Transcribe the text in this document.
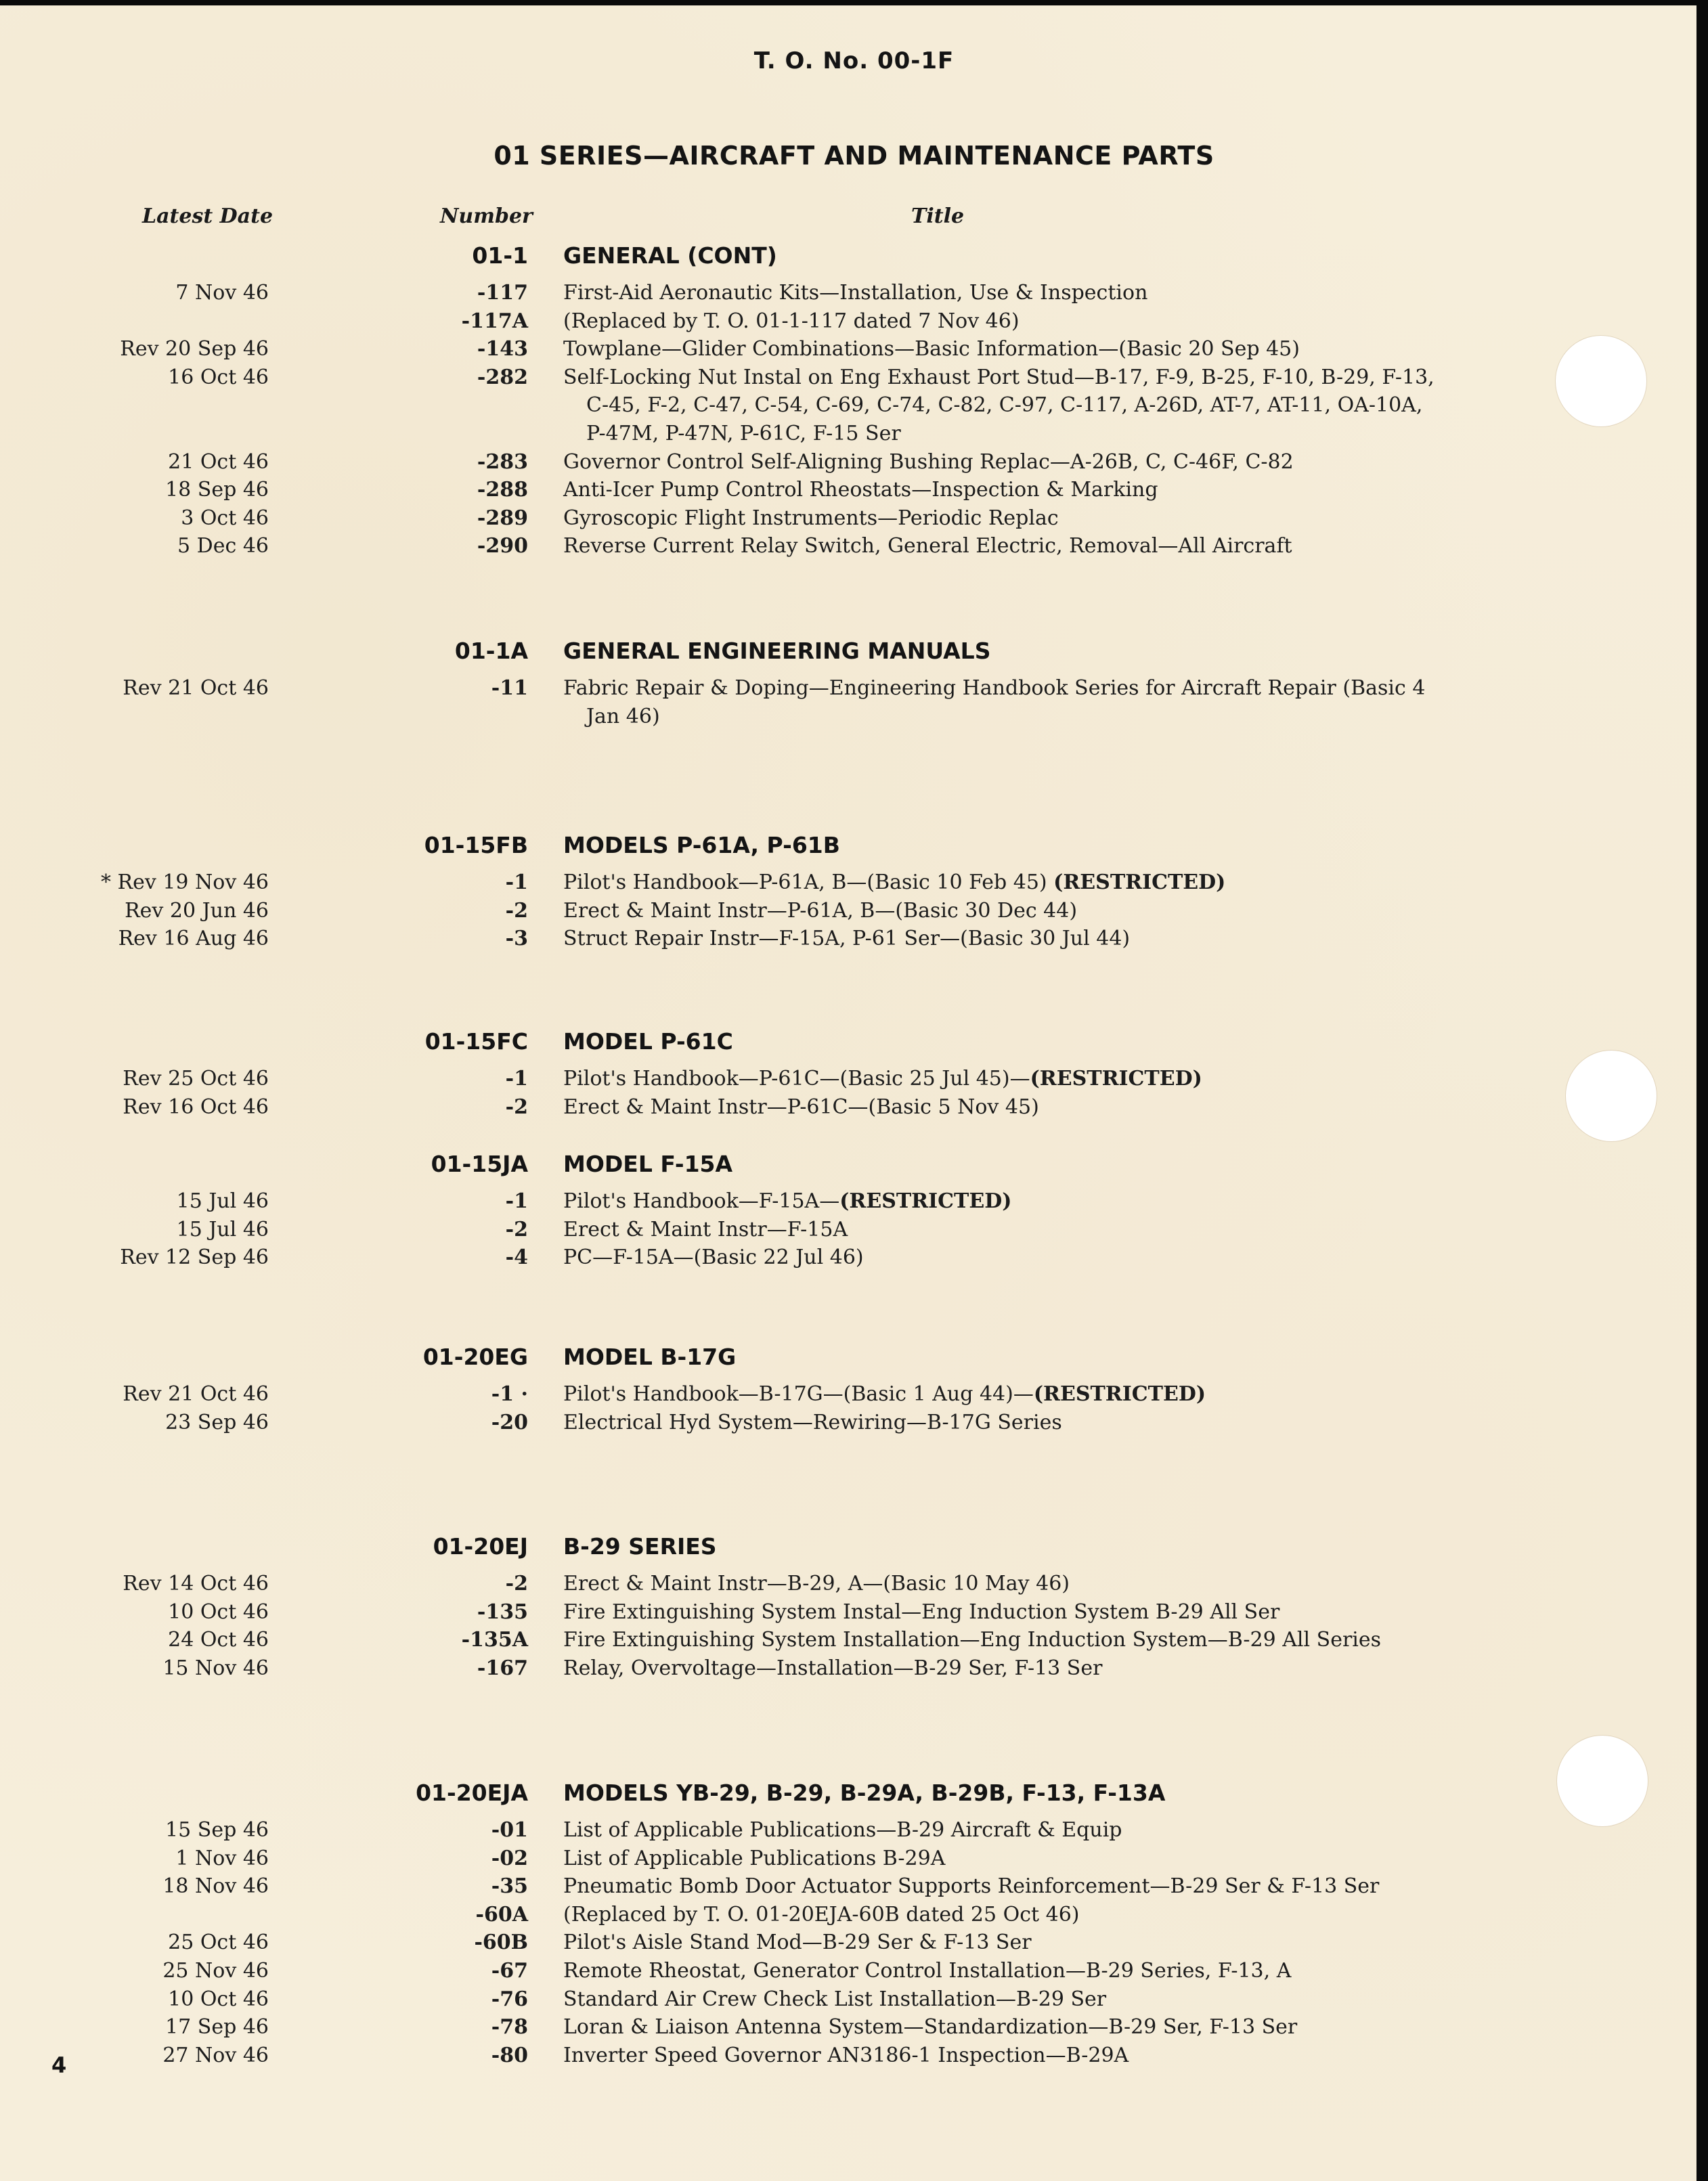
T. O. No. 00-1F
01 SERIES—AIRCRAFT AND MAINTENANCE PARTS
Latest Date	Number	Title
01-1 GENERAL (CONT)
7 Nov 46	-117 First-Aid Aeronautic Kits—Installation, Use & Inspection
-117A (Replaced by T. O. 01-1-117 dated 7 Nov 46)
Rev 20 Sep 46	-143 Towplane—Glider Combinations—Basic Information—(Basic 20 Sep 45)
16 Oct 46	-282 Self-Locking Nut Instal on Eng Exhaust Port Stud—B-17, F-9, B-25, F-10, B-29, F-13,
C-45, F-2, C-47, C-54, C-69, C-74, C-82, C-97, C-117, A-26D, AT-7, AT-11, OA-10A,
P-47M, P-47N, P-61C, F-15 Ser
21 Oct 46	-283 Governor Control Self-Aligning Bushing Replac—A-26B, C, C-46F, C-82
18 Sep 46	-288 Anti-Icer Pump Control Rheostats—Inspection & Marking
3 Oct 46	-289 Gyroscopic Flight Instruments—Periodic Replac
5 Dec 46	-290 Reverse Current Relay Switch, General Electric, Removal—All Aircraft
01-1A GENERAL ENGINEERING MANUALS
Rev 21 Oct 46	-11 Fabric Repair & Doping—Engineering Handbook Series for Aircraft Repair (Basic 4
Jan 46)
01-15FB MODELS P-61A, P-61B
* Rev 19 Nov 46	-1 Pilot's Handbook—P-61A, B—(Basic 10 Feb 45) (RESTRICTED)
Rev 20 Jun 46	-2 Erect & Maint Instr—P-61A, B—(Basic 30 Dec 44)
Rev 16 Aug 46	-3 Struct Repair Instr—F-15A, P-61 Ser—(Basic 30 Jul 44)
01-15FC MODEL P-61C
Rev 25 Oct 46	-1 Pilot's Handbook—P-61C—(Basic 25 Jul 45)—(RESTRICTED)
Rev 16 Oct 46	-2 Erect & Maint Instr—P-61C—(Basic 5 Nov 45)
01-15JA MODEL F-15A
15 Jul 46	-1 Pilot's Handbook—F-15A—(RESTRICTED)
15 Jul 46	-2 Erect & Maint Instr—F-15A
Rev 12 Sep 46	-4 PC—F-15A—(Basic 22 Jul 46)
01-20EG MODEL B-17G
Rev 21 Oct 46	-1 · Pilot's Handbook—B-17G—(Basic 1 Aug 44)—(RESTRICTED)
23 Sep 46	-20 Electrical Hyd System—Rewiring—B-17G Series
01-20EJ B-29 SERIES
Rev 14 Oct 46	-2 Erect & Maint Instr—B-29, A—(Basic 10 May 46)
10 Oct 46	-135 Fire Extinguishing System Instal—Eng Induction System B-29 All Ser
24 Oct 46	-135A Fire Extinguishing System Installation—Eng Induction System—B-29 All Series
15 Nov 46	-167 Relay, Overvoltage—Installation—B-29 Ser, F-13 Ser
01-20EJA MODELS YB-29, B-29, B-29A, B-29B, F-13, F-13A
15 Sep 46	-01 List of Applicable Publications—B-29 Aircraft & Equip
1 Nov 46	-02 List of Applicable Publications B-29A
18 Nov 46	-35 Pneumatic Bomb Door Actuator Supports Reinforcement—B-29 Ser & F-13 Ser
-60A (Replaced by T. O. 01-20EJA-60B dated 25 Oct 46)
25 Oct 46	-60B Pilot's Aisle Stand Mod—B-29 Ser & F-13 Ser
25 Nov 46	-67 Remote Rheostat, Generator Control Installation—B-29 Series, F-13, A
10 Oct 46	-76 Standard Air Crew Check List Installation—B-29 Ser
17 Sep 46	-78 Loran & Liaison Antenna System—Standardization—B-29 Ser, F-13 Ser
27 Nov 46	-80 Inverter Speed Governor AN3186-1 Inspection—B-29A
4
